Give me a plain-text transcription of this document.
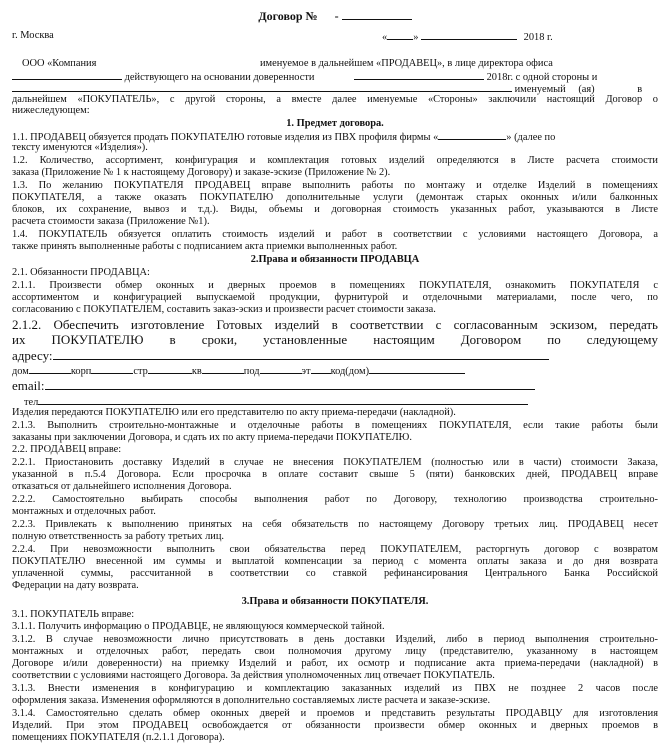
Договор № -
г. Москва	«	»	2018 г.
ООО «Компания	именуемое в дальнейшем «ПРОДАВЕЦ», в лице директора офиса
действующего на основании доверенности	2018г. с одной стороны и
именуемый (ая)	в
дальнейшем «ПОКУПАТЕЛЬ», с другой стороны, а вместе далее именуемые «Стороны» заключили настоящий Договор о
нижеследующем:
1. Предмет договора.
1.1. ПРОДАВЕЦ обязуется продать ПОКУПАТЕЛЮ готовые изделия из ПВХ профиля фирмы «	» (далее по
тексту именуются «Изделия»).
1.2. Количество, ассортимент, конфигурация и комплектация готовых изделий определяются в Листе расчета стоимости
заказа (Приложение № 1 к настоящему Договору) и заказе-эскизе (Приложение № 2).
1.3. По желанию ПОКУПАТЕЛЯ ПРОДАВЕЦ вправе выполнить работы по монтажу и отделке Изделий в помещениях
ПОКУПАТЕЛЯ, а также оказать ПОКУПАТЕЛЮ дополнительные услуги (демонтаж старых оконных и/или балконных
блоков, их сохранение, вывоз и т.д.). Виды, объемы и договорная стоимость указанных работ, указываются в Листе
расчета стоимости заказа (Приложение №1).
1.4. ПОКУПАТЕЛЬ обязуется оплатить стоимость изделий и работ в соответствии с условиями настоящего Договора, а
также принять выполненные работы с подписанием акта приемки выполненных работ.
2.Права и обязанности ПРОДАВЦА
2.1. Обязанности ПРОДАВЦА:
2.1.1. Произвести обмер оконных и дверных проемов в помещениях ПОКУПАТЕЛЯ, ознакомить ПОКУПАТЕЛЯ с
ассортиментом и конфигурацией выпускаемой продукции, фурнитурой и отделочными материалами, после чего, по
согласованию с ПОКУПАТЕЛЕМ, составить заказ-эскиз и произвести расчет стоимости заказа.
2.1.2. Обеспечить изготовление Готовых изделий в соответствии с согласованным эскизом, передать
их ПОКУПАТЕЛЮ в сроки, установленные настоящим Договором по следующему
адресу:
дом	корп	стр	кв	под	эт код(дом)
email:
тел
Изделия передаются ПОКУПАТЕЛЮ или его представителю по акту приема-передачи (накладной).
2.1.3. Выполнить строительно-монтажные и отделочные работы в помещениях ПОКУПАТЕЛЯ, если такие работы были
заказаны при заключении Договора, и сдать их по акту приема-передачи ПОКУПАТЕЛЮ.
2.2. ПРОДАВЕЦ вправе:
2.2.1. Приостановить доставку Изделий в случае не внесения ПОКУПАТЕЛЕМ (полностью или в части) стоимости Заказа,
указанной в п.5.4 Договора. Если просрочка в оплате составит свыше 5 (пяти) банковских дней, ПРОДАВЕЦ вправе
отказаться от дальнейшего исполнения Договора.
2.2.2. Самостоятельно выбирать способы выполнения работ по Договору, технологию производства строительно-
монтажных и отделочных работ.
2.2.3. Привлекать к выполнению принятых на себя обязательств по настоящему Договору третьих лиц. ПРОДАВЕЦ несет
полную ответственность за работу третьих лиц.
2.2.4. При невозможности выполнить свои обязательства перед ПОКУПАТЕЛЕМ, расторгнуть договор с возвратом
ПОКУПАТЕЛЮ внесенной им суммы и выплатой компенсации за период с момента оплаты заказа и до дня возврата
уплаченной суммы, рассчитанной в соответствии со ставкой рефинансирования Центрального Банка Российской
Федерации на дату возврата.
3.Права и обязанности ПОКУПАТЕЛЯ.
3.1. ПОКУПАТЕЛЬ вправе:
3.1.1. Получить информацию о ПРОДАВЦЕ, не являющуюся коммерческой тайной.
3.1.2. В случае невозможности лично присутствовать в день доставки Изделий, либо в период выполнения строительно-
монтажных и отделочных работ, передать свои полномочия другому лицу (представителю, указанному в настоящем
Договоре и/или доверенности) на приемку Изделий и работ, их осмотр и подписание акта приема-передачи (накладной) в
соответствии с условиями настоящего Договора. За действия уполномоченных лиц отвечает ПОКУПАТЕЛЬ.
3.1.3. Внести изменения в конфигурацию и комплектацию заказанных изделий из ПВХ не позднее 2 часов после
оформления заказа. Изменения оформляются в дополнительно составляемых листе расчета и заказе-эскизе.
3.1.4. Самостоятельно сделать обмер оконных дверей и проемов и представить результаты ПРОДАВЦУ для изготовления
Изделий. При этом ПРОДАВЕЦ освобождается от обязанности произвести обмер оконных и дверных проемов в
помещениях ПОКУПАТЕЛЯ (п.2.1.1 Договора).
